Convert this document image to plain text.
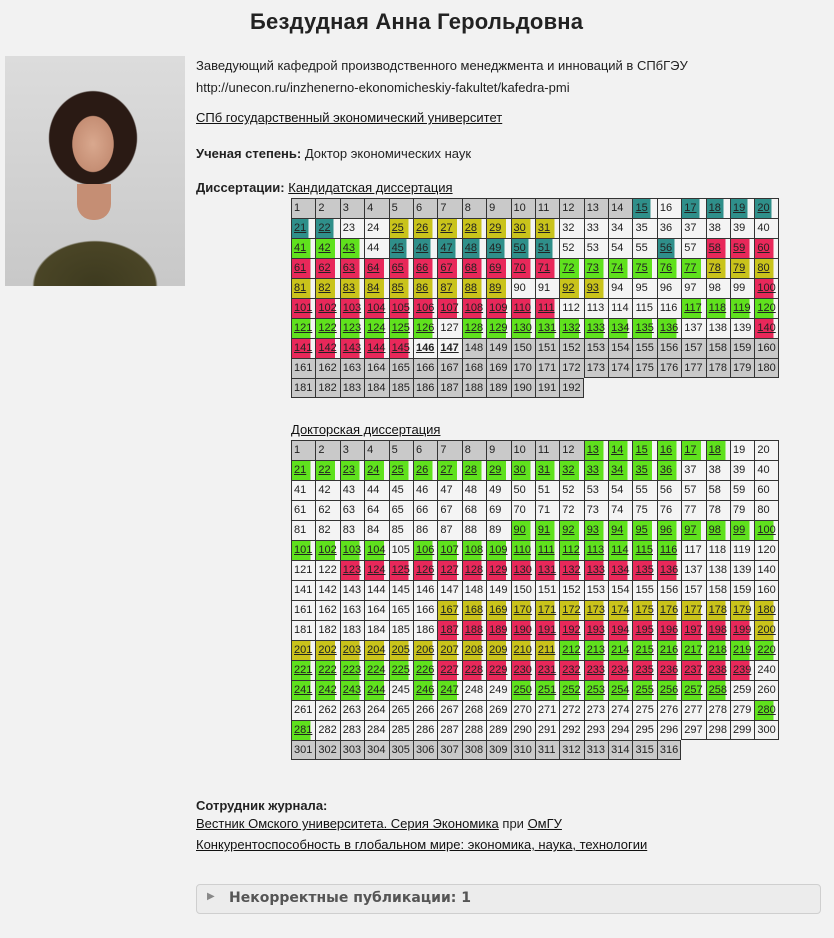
Бездудная Анна Герольдовна
Заведующий кафедрой производственного менеджмента и инноваций в СПбГЭУ
http://unecon.ru/inzhenerno-ekonomicheskiy-fakultet/kafedra-pmi
СПб государственный экономический университет
Ученая степень: Доктор экономических наук
Диссертации: Кандидатская диссертация
1	2	3	4	5	6	7	8	9	10	11	12	13	14	15	16	17	18	19	20
21	22	23	24	25	26	27	28	29	30	31	32	33	34	35	36	37	38	39	40
41	42	43	44	45	46	47	48	49	50	51	52	53	54	55	56	57	58	59	60
61	62	63	64	65	66	67	68	69	70	71	72	73	74	75	76	77	78	79	80
81	82	83	84	85	86	87	88	89	90	91	92	93	94	95	96	97	98	99	100
101 102 103 104 105 106 107 108 109 110 111 112 113 114 115 116 117 118 119 120
121 122 123 124 125 126 127 128 129 130 131 132 133 134 135 136 137 138 139 140
141 142 143 144 145 146 147 148 149 150 151 152 153 154 155 156 157 158 159 160
161 162 163 164 165 166 167 168 169 170 171 172 173 174 175 176 177 178 179 180
181 182 183 184 185 186 187 188 189 190 191 192
Докторская диссертация
1	2	3	4	5	6	7	8	9	10	11	12	13	14	15	16	17	18	19	20
21	22	23	24	25	26	27	28	29	30	31	32	33	34	35	36	37	38	39	40
41	42	43	44	45	46	47	48	49	50	51	52	53	54	55	56	57	58	59	60
61	62	63	64	65	66	67	68	69	70	71	72	73	74	75	76	77	78	79	80
81	82	83	84	85	86	87	88	89	90	91	92	93	94	95	96	97	98	99	100
101 102 103 104 105 106 107 108 109 110 111 112 113 114 115 116 117 118 119 120
121 122 123 124 125 126 127 128 129 130 131 132 133 134 135 136 137 138 139 140
141 142 143 144 145 146 147 148 149 150 151 152 153 154 155 156 157 158 159 160
161 162 163 164 165 166 167 168 169 170 171 172 173 174 175 176 177 178 179 180
181 182 183 184 185 186 187 188 189 190 191 192 193 194 195 196 197 198 199 200
201 202 203 204 205 206 207 208 209 210 211 212 213 214 215 216 217 218 219 220
221 222 223 224 225 226 227 228 229 230 231 232 233 234 235 236 237 238 239 240
241 242 243 244 245 246 247 248 249 250 251 252 253 254 255 256 257 258 259 260
261 262 263 264 265 266 267 268 269 270 271 272 273 274 275 276 277 278 279 280
281 282 283 284 285 286 287 288 289 290 291 292 293 294 295 296 297 298 299 300
301 302 303 304 305 306 307 308 309 310 311 312 313 314 315 316
Сотрудник журнала:
Вестник Омского университета. Серия Экономика при ОмГУ
Конкурентоспособность в глобальном мире: экономика, наука, технологии
▶ Некорректные публикации: 1
